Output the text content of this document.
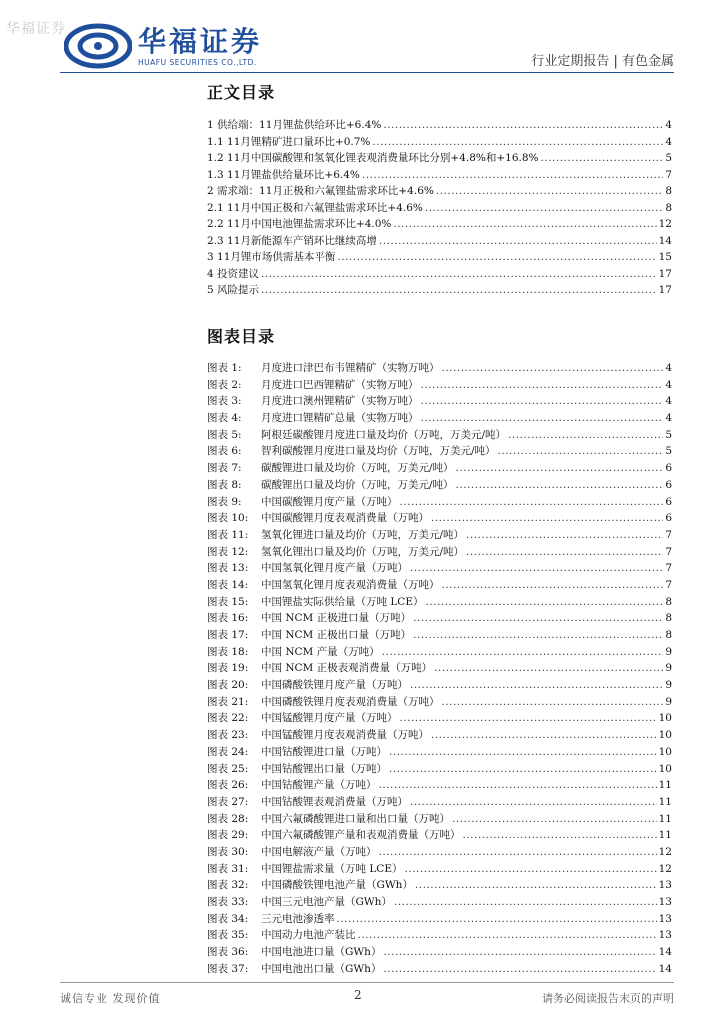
华福证券	华福证券
HUAFU SECURITIES CO.,LTD.	行业定期报告 | 有色金属
正文目录
1 供给端：11月锂盐供给环比+6.4% .....	4
1.1 11月锂精矿进口量环比+0.7% .....	4
1.2 11月中国碳酸锂和氢氧化锂表观消费量环比分别+4.8%和+16.8% .....	5
1.3 11月锂盐供给量环比+6.4% .....	7
2 需求端：11月正极和六氟锂盐需求环比+4.6% .....	8
2.1 11月中国正极和六氟锂盐需求环比+4.6% .....	8
2.2 11月中国电池锂盐需求环比+4.0% .....	12
2.3 11月新能源车产销环比继续高增 .....	14
3 11月锂市场供需基本平衡 .....	15
4 投资建议 .....	17
5 风险提示 .....	17
图表目录
图表 1:	月度进口津巴布韦锂精矿（实物万吨） .....	4
图表 2:	月度进口巴西锂精矿（实物万吨） .....	4
图表 3:	月度进口澳州锂精矿（实物万吨） .....	4
图表 4:	月度进口锂精矿总量（实物万吨） .....	4
图表 5:	阿根廷碳酸锂月度进口量及均价（万吨，万美元/吨） .....	5
图表 6:	智利碳酸锂月度进口量及均价（万吨，万美元/吨） .....	5
图表 7:	碳酸锂进口量及均价（万吨，万美元/吨） .....	6
图表 8:	碳酸锂出口量及均价（万吨，万美元/吨） .....	6
图表 9:	中国碳酸锂月度产量（万吨） .....	6
图表 10:	中国碳酸锂月度表观消费量（万吨） .....	6
图表 11:	氢氧化锂进口量及均价（万吨，万美元/吨） .....	7
图表 12:	氢氧化锂出口量及均价（万吨，万美元/吨） .....	7
图表 13:	中国氢氧化锂月度产量（万吨） .....	7
图表 14:	中国氢氧化锂月度表观消费量（万吨） .....	7
图表 15:	中国锂盐实际供给量（万吨 LCE） .....	8
图表 16:	中国 NCM 正极进口量（万吨） .....	8
图表 17:	中国 NCM 正极出口量（万吨） .....	8
图表 18:	中国 NCM 产量（万吨） .....	9
图表 19:	中国 NCM 正极表观消费量（万吨） .....	9
图表 20:	中国磷酸铁锂月度产量（万吨） .....	9
图表 21:	中国磷酸铁锂月度表观消费量（万吨） .....	9
图表 22:	中国锰酸锂月度产量（万吨） .....	10
图表 23:	中国锰酸锂月度表观消费量（万吨） .....	10
图表 24:	中国钴酸锂进口量（万吨） .....	10
图表 25:	中国钴酸锂出口量（万吨） .....	10
图表 26:	中国钴酸锂产量（万吨） .....	11
图表 27:	中国钴酸锂表观消费量（万吨） .....	11
图表 28:	中国六氟磷酸锂进口量和出口量（万吨） .....	11
图表 29:	中国六氟磷酸锂产量和表观消费量（万吨） .....	11
图表 30:	中国电解液产量（万吨） .....	12
图表 31:	中国锂盐需求量（万吨 LCE） .....	12
图表 32:	中国磷酸铁锂电池产量（GWh） .....	13
图表 33:	中国三元电池产量（GWh） .....	13
图表 34:	三元电池渗透率 .....	13
图表 35:	中国动力电池产装比 .....	13
图表 36:	中国电池进口量（GWh） .....	14
图表 37:	中国电池出口量（GWh） .....	14
诚信专业 发现价值	2	请务必阅读报告末页的声明
